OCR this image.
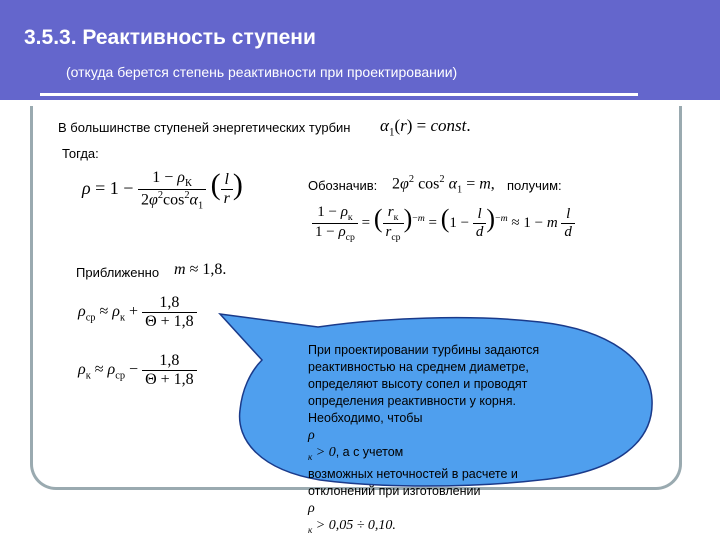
3.5.3. Реактивность ступени
(откуда берется степень реактивности при проектировании)
В большинстве ступеней энергетических турбин $\alpha_1(r)$ = const.
Тогда:
$\rho = 1 - \frac{1 - \rho_К}{2\varphi^2\cos^2\alpha_1}$ ( $\frac{l}{r}$ )	Обозначив: $2\varphi^2$ $\cos^2 \alpha_1 = m$, получим:
$\frac{1 - \rho_к}{1 - \rho_{ср}}$ = ( $\frac{r_к}{r_{ср}} )^{-m} = (1 - \frac{l}{d} )^{-m} \approx 1 - m \frac{l}{d}$
Приближенно m ≈ 1,8.
$\rho_{ср} \approx \rho_к + \frac{1,8}{\Theta + 1,8}$
$\rho_к \approx \rho_{ср} - \frac{1,8}{\Theta + 1,8}$
При проектировании турбины задаются
реактивностью на среднем диаметре,
определяют высоту сопел и проводят
определения реактивности у корня.
Необходимо, чтобы
ρ
$_к$ > 0, а с учетом
возможных неточностей в расчете и
отклонений при изготовлении
ρ
$_к$ > 0,05 ÷ 0,10.
